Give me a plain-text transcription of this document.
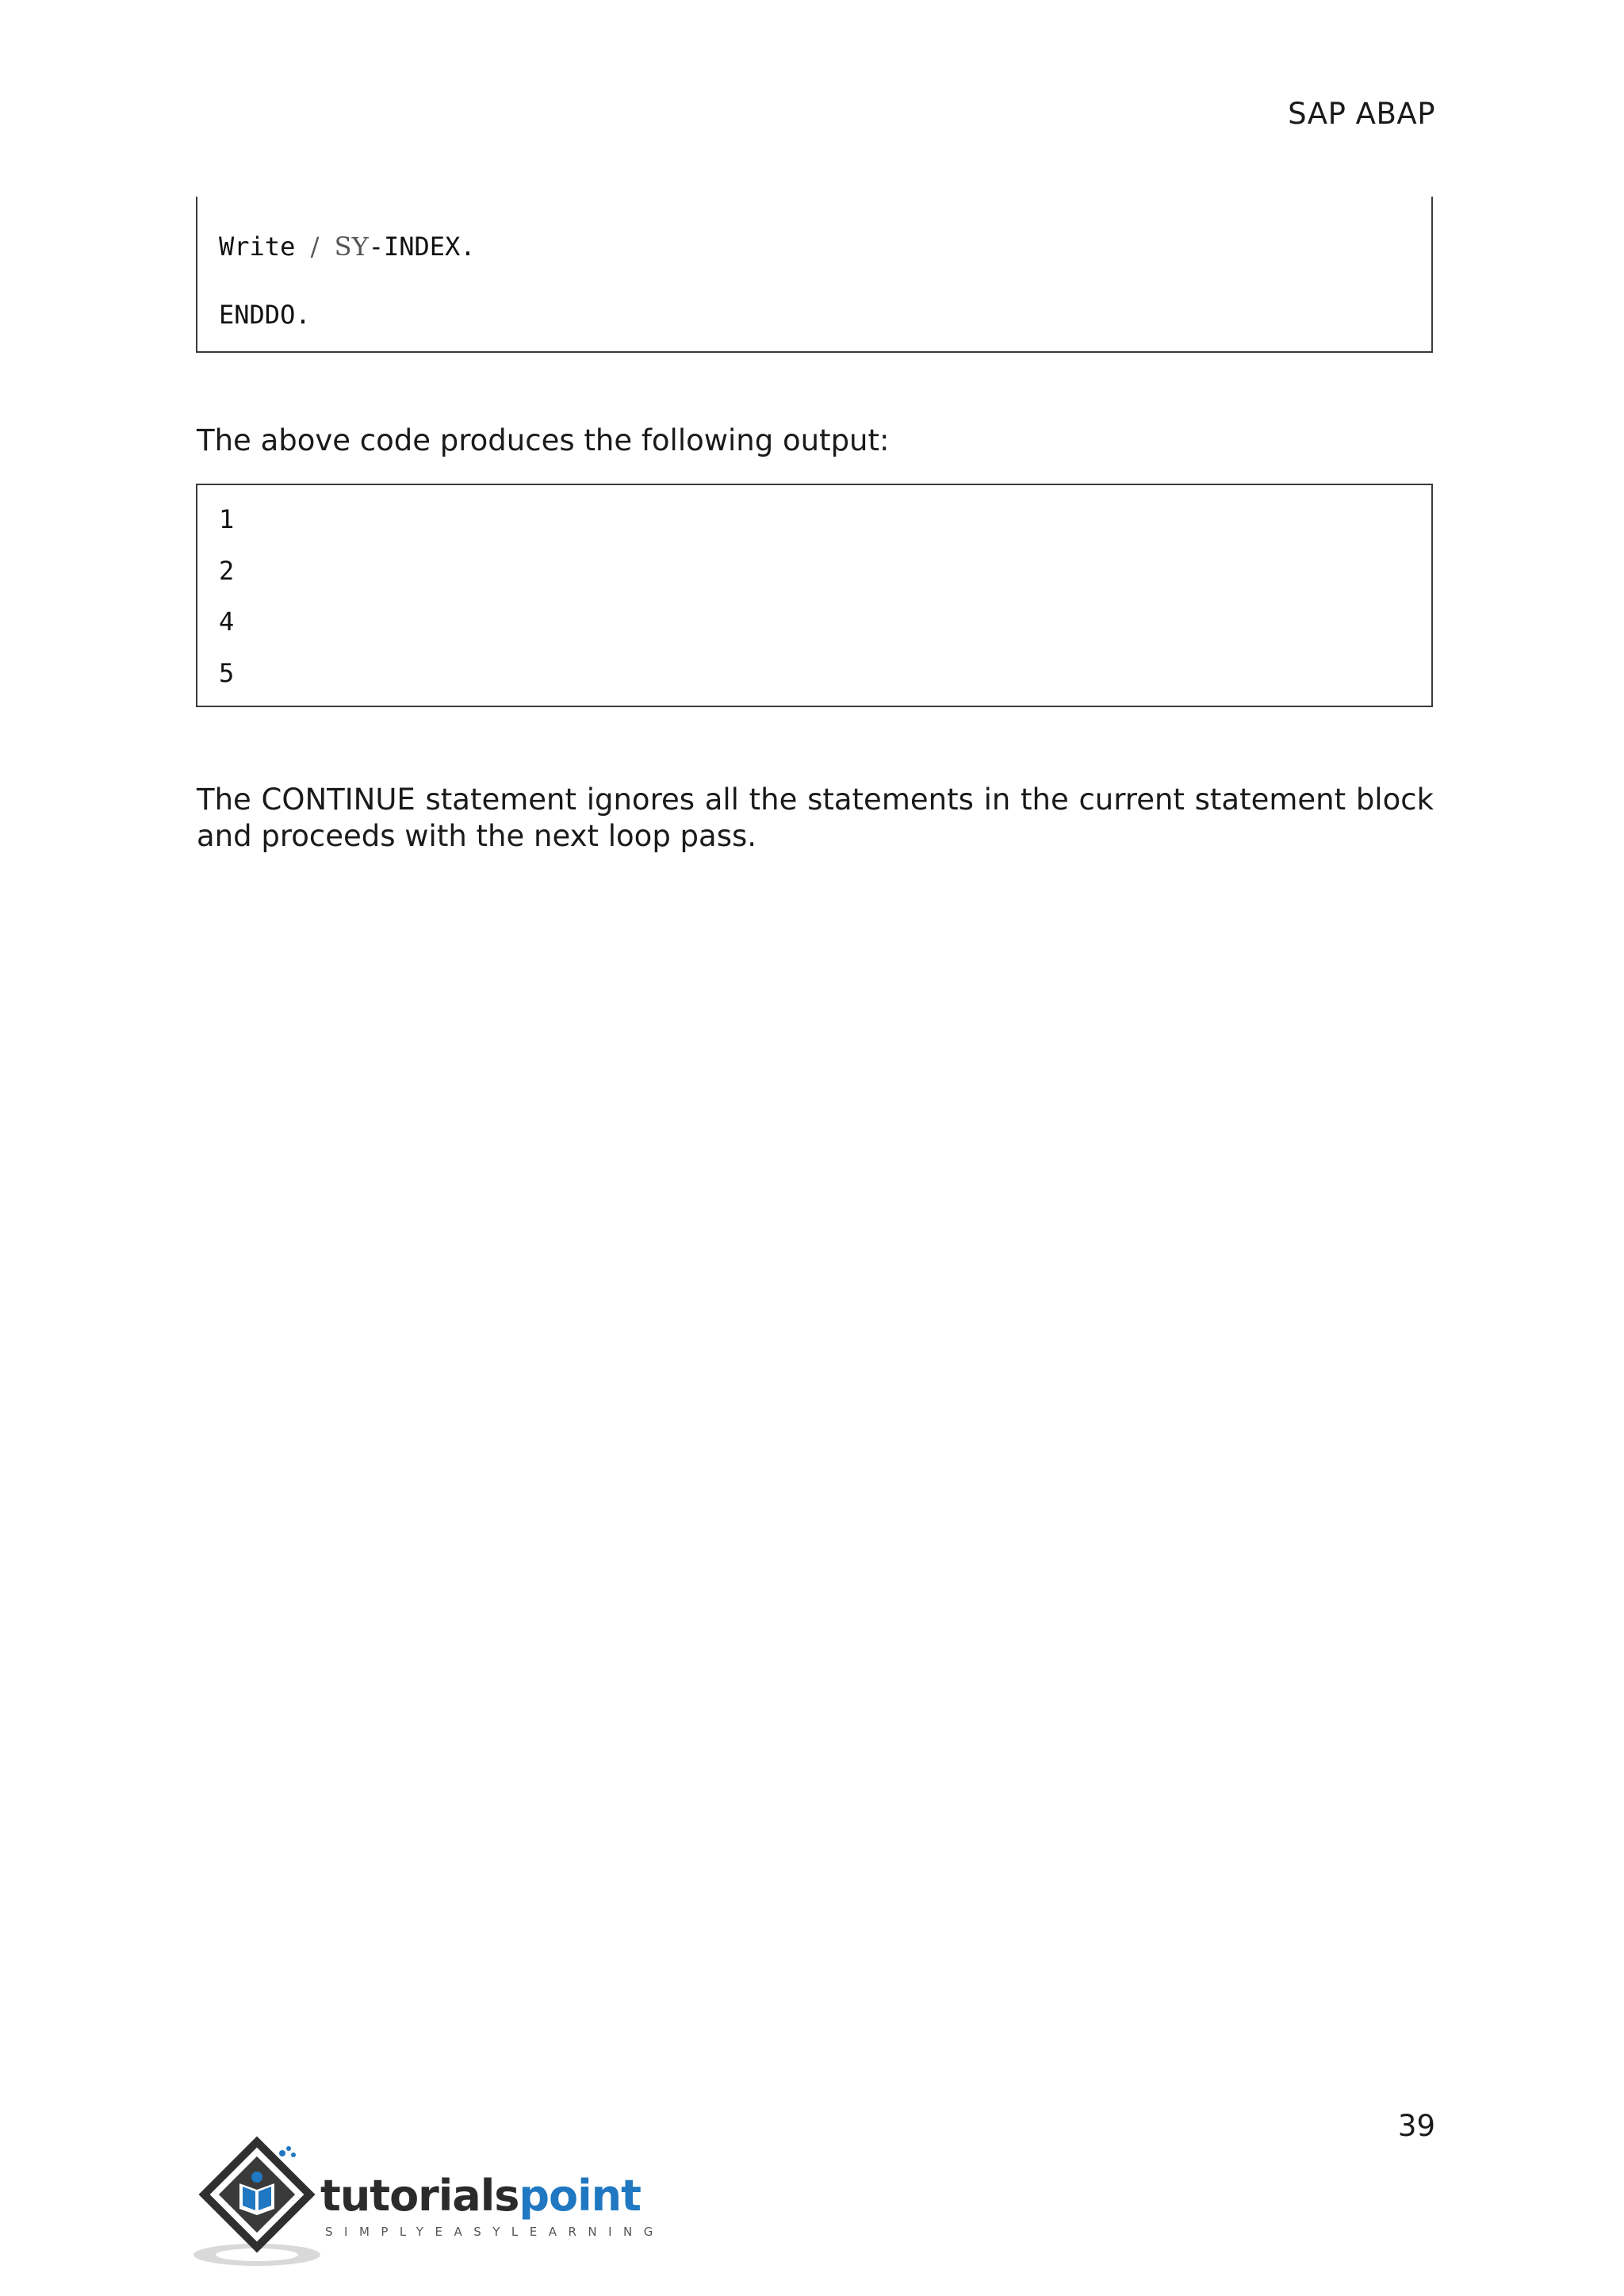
SAP ABAP
Write / SY-INDEX.
ENDDO.
The above code produces the following output:
1
2
4
5
The CONTINUE statement ignores all the statements in the current statement block and proceeds with the next loop pass.
39
tutorialspoint
SIMPLYEASYLEARNING
